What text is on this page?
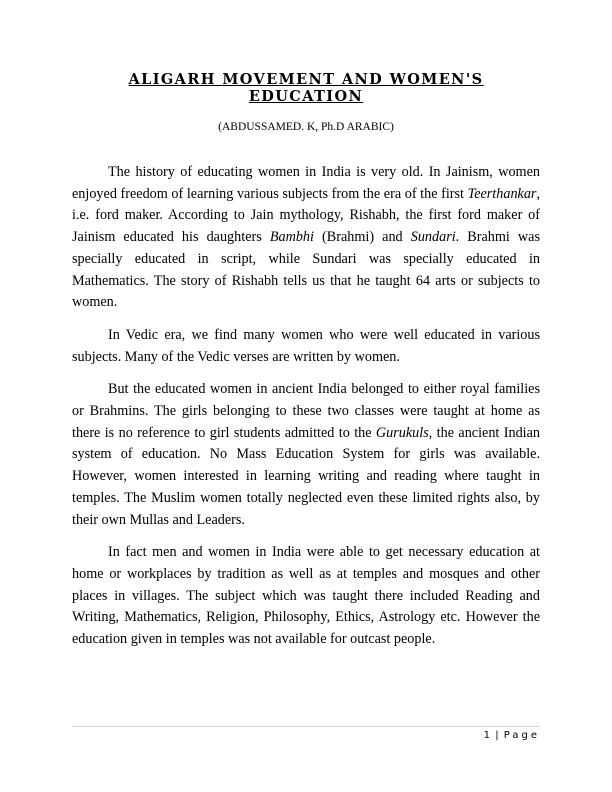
ALIGARH MOVEMENT AND WOMEN'S EDUCATION
(ABDUSSAMED. K, Ph.D ARABIC)

The history of educating women in India is very old. In Jainism, women enjoyed freedom of learning various subjects from the era of the first Teerthankar, i.e. ford maker. According to Jain mythology, Rishabh, the first ford maker of Jainism educated his daughters Bambhi (Brahmi) and Sundari. Brahmi was specially educated in script, while Sundari was specially educated in Mathematics. The story of Rishabh tells us that he taught 64 arts or subjects to women.

In Vedic era, we find many women who were well educated in various subjects. Many of the Vedic verses are written by women.

But the educated women in ancient India belonged to either royal families or Brahmins. The girls belonging to these two classes were taught at home as there is no reference to girl students admitted to the Gurukuls, the ancient Indian system of education. No Mass Education System for girls was available. However, women interested in learning writing and reading where taught in temples. The Muslim women totally neglected even these limited rights also, by their own Mullas and Leaders.

In fact men and women in India were able to get necessary education at home or workplaces by tradition as well as at temples and mosques and other places in villages. The subject which was taught there included Reading and Writing, Mathematics, Religion, Philosophy, Ethics, Astrology etc. However the education given in temples was not available for outcast people.

1 | Page
